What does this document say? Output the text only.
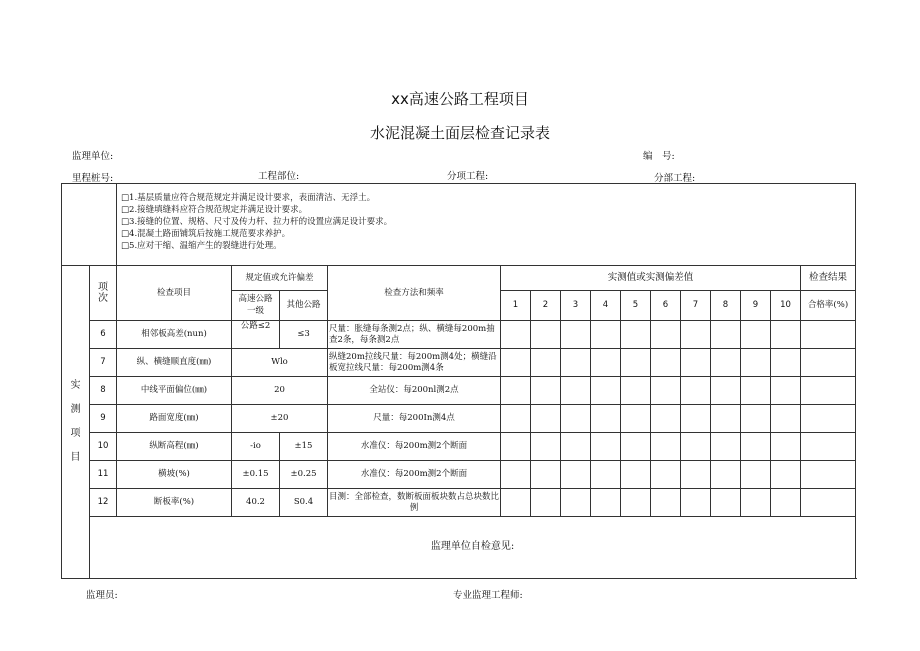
xx高速公路工程项目
水泥混凝土面层检查记录表
监理单位:	编　号:
里程桩号:	工程部位:	分项工程:	分部工程:

		□1.基层质量应符合规范规定并满足设计要求，表面清洁、无浮土。
□2.接缝填缝料应符合规范规定并满足设计要求。
□3.接缝的位置、规格、尺寸及传力杆、拉力杆的设置应满足设计要求。
□4.混凝土路面铺筑后按施工规范要求养护。
□5.应对干缩、温缩产生的裂缝进行处理。														

实
测
项
目	项次	检查项目	规定值或允许偏差		检查方法和频率	实测值或实测偏差值										检查结果

			高速公路一级	其他公路		1	2	3	4	5	6	7	8	9	10	合格率(%)
	6	相邻板高差(nun)	公路≤2	≤3	尺量：胀缝每条测2点；纵、横缝每200m抽查2条，每条测2点											
	7	纵、横缝顺直度(㎜)	Wlo		纵缝20m拉线尺量：每200m测4处；横缝沿板宽拉线尺量：每200m测4条											
	8	中线平面偏位(㎜)	20		全站仪：每200nl测2点											
	9	路面宽度(㎜)	±20		尺量：每200In测4点											
	10	纵断高程(㎜)	-io	±15	水准仪：每200m测2个断面											
	11	横坡(%)	±0.15	±0.25	水准仪：每200m测2个断面											
	12	断板率(%)	40.2	S0.4	目测：全部检查，数断板面板块数占总块数比例											
	监理单位自检意见:															
监理员:	专业监理工程师:
